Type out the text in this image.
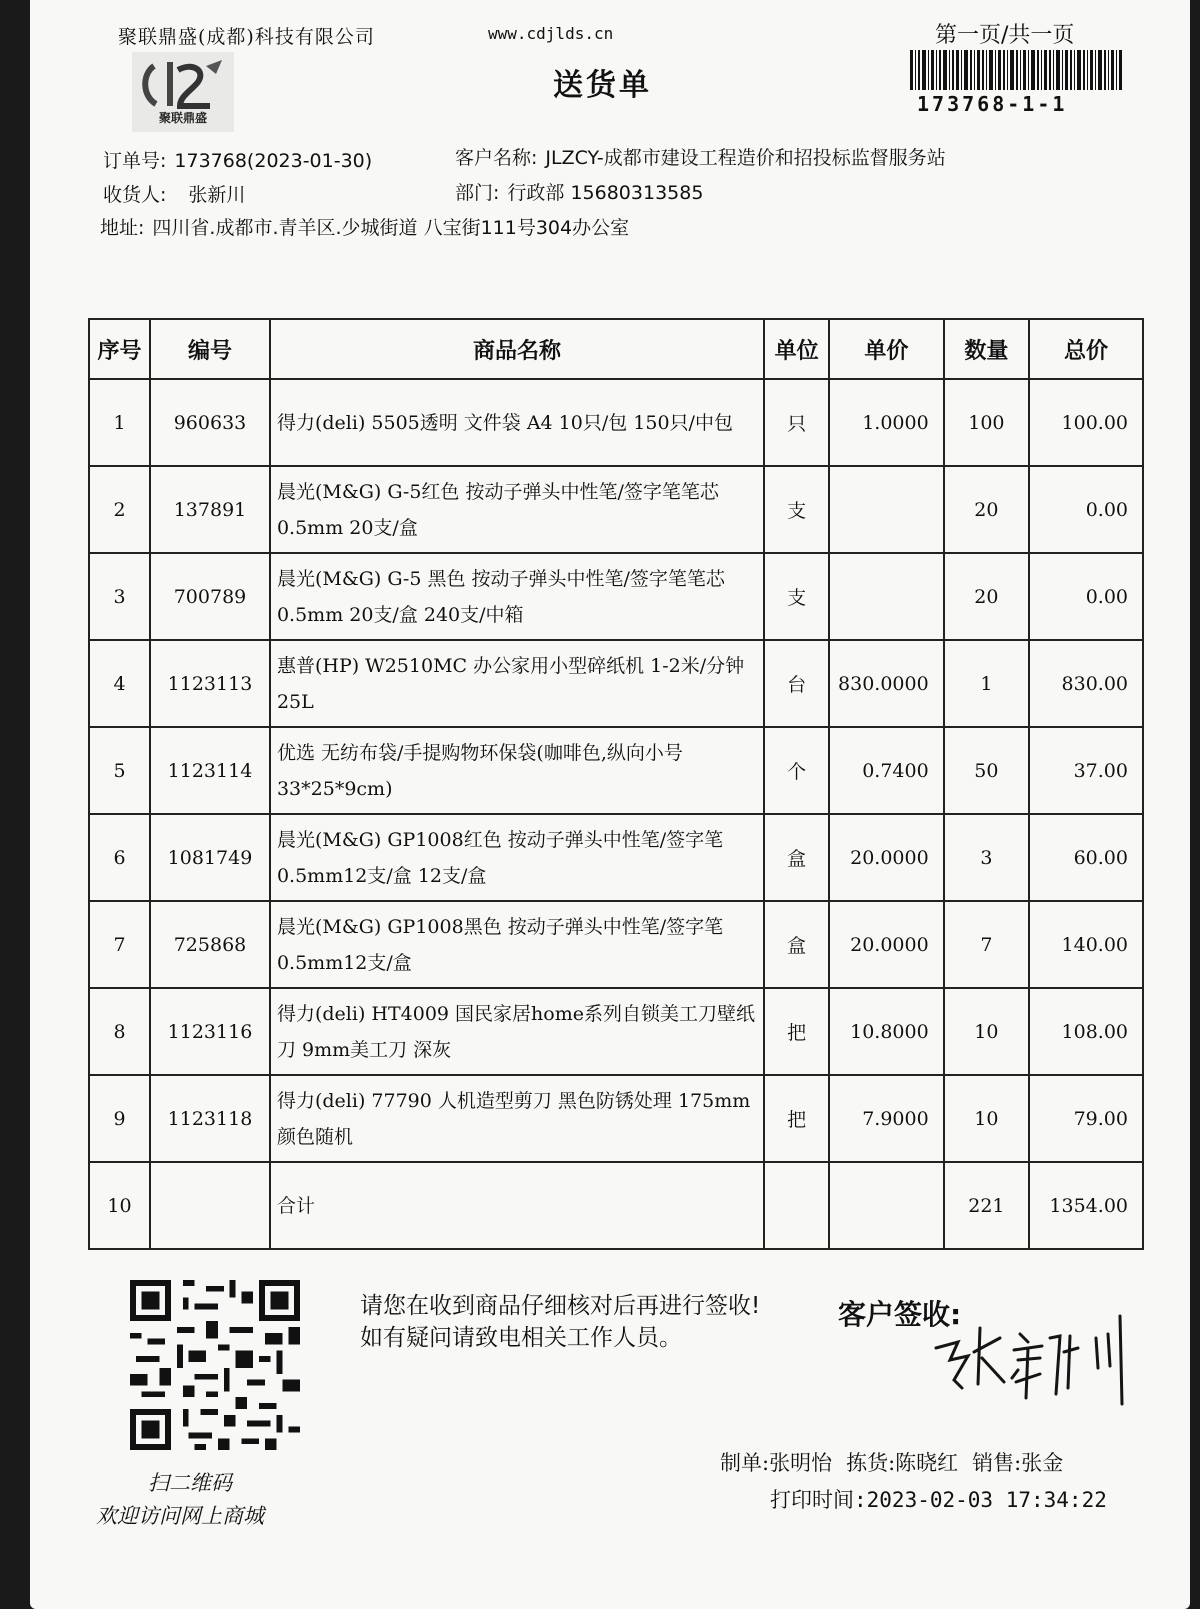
聚联鼎盛(成都)科技有限公司	www.cdjlds.cn
送货单
第一页/共一页
173768-1-1
聚联鼎盛
订单号: 173768(2023-01-30)	客户名称: JLZCY-成都市建设工程造价和招投标监督服务站
收货人: 张新川	部门: 行政部 15680313585
地址: 四川省.成都市.青羊区.少城街道 八宝街111号304办公室
序号	编号	商品名称	单位	单价	数量	总价
1	960633	得力(deli) 5505透明 文件袋 A4 10只/包 150只/中包	只	1.0000	100	100.00
2	137891	晨光(M&G) G-5红色 按动子弹头中性笔/签字笔笔芯0.5mm 20支/盒	支		20	0.00
3	700789	晨光(M&G) G-5 黑色 按动子弹头中性笔/签字笔笔芯0.5mm 20支/盒 240支/中箱	支		20	0.00
4	1123113	惠普(HP) W2510MC 办公家用小型碎纸机 1-2米/分钟 25L	台	830.0000	1	830.00
5	1123114	优选 无纺布袋/手提购物环保袋(咖啡色,纵向小号33*25*9cm)	个	0.7400	50	37.00
6	1081749	晨光(M&G) GP1008红色 按动子弹头中性笔/签字笔0.5mm12支/盒 12支/盒	盒	20.0000	3	60.00
7	725868	晨光(M&G) GP1008黑色 按动子弹头中性笔/签字笔0.5mm12支/盒	盒	20.0000	7	140.00
8	1123116	得力(deli) HT4009 国民家居home系列自锁美工刀壁纸刀 9mm美工刀 深灰	把	10.8000	10	108.00
9	1123118	得力(deli) 77790 人机造型剪刀 黑色防锈处理 175mm 颜色随机	把	7.9000	10	79.00
10		合计			221	1354.00
扫二维码
欢迎访问网上商城
请您在收到商品仔细核对后再进行签收!如有疑问请致电相关工作人员。
客户签收:
制单:张明怡 拣货:陈晓红 销售:张金
打印时间:2023-02-03 17:34:22
